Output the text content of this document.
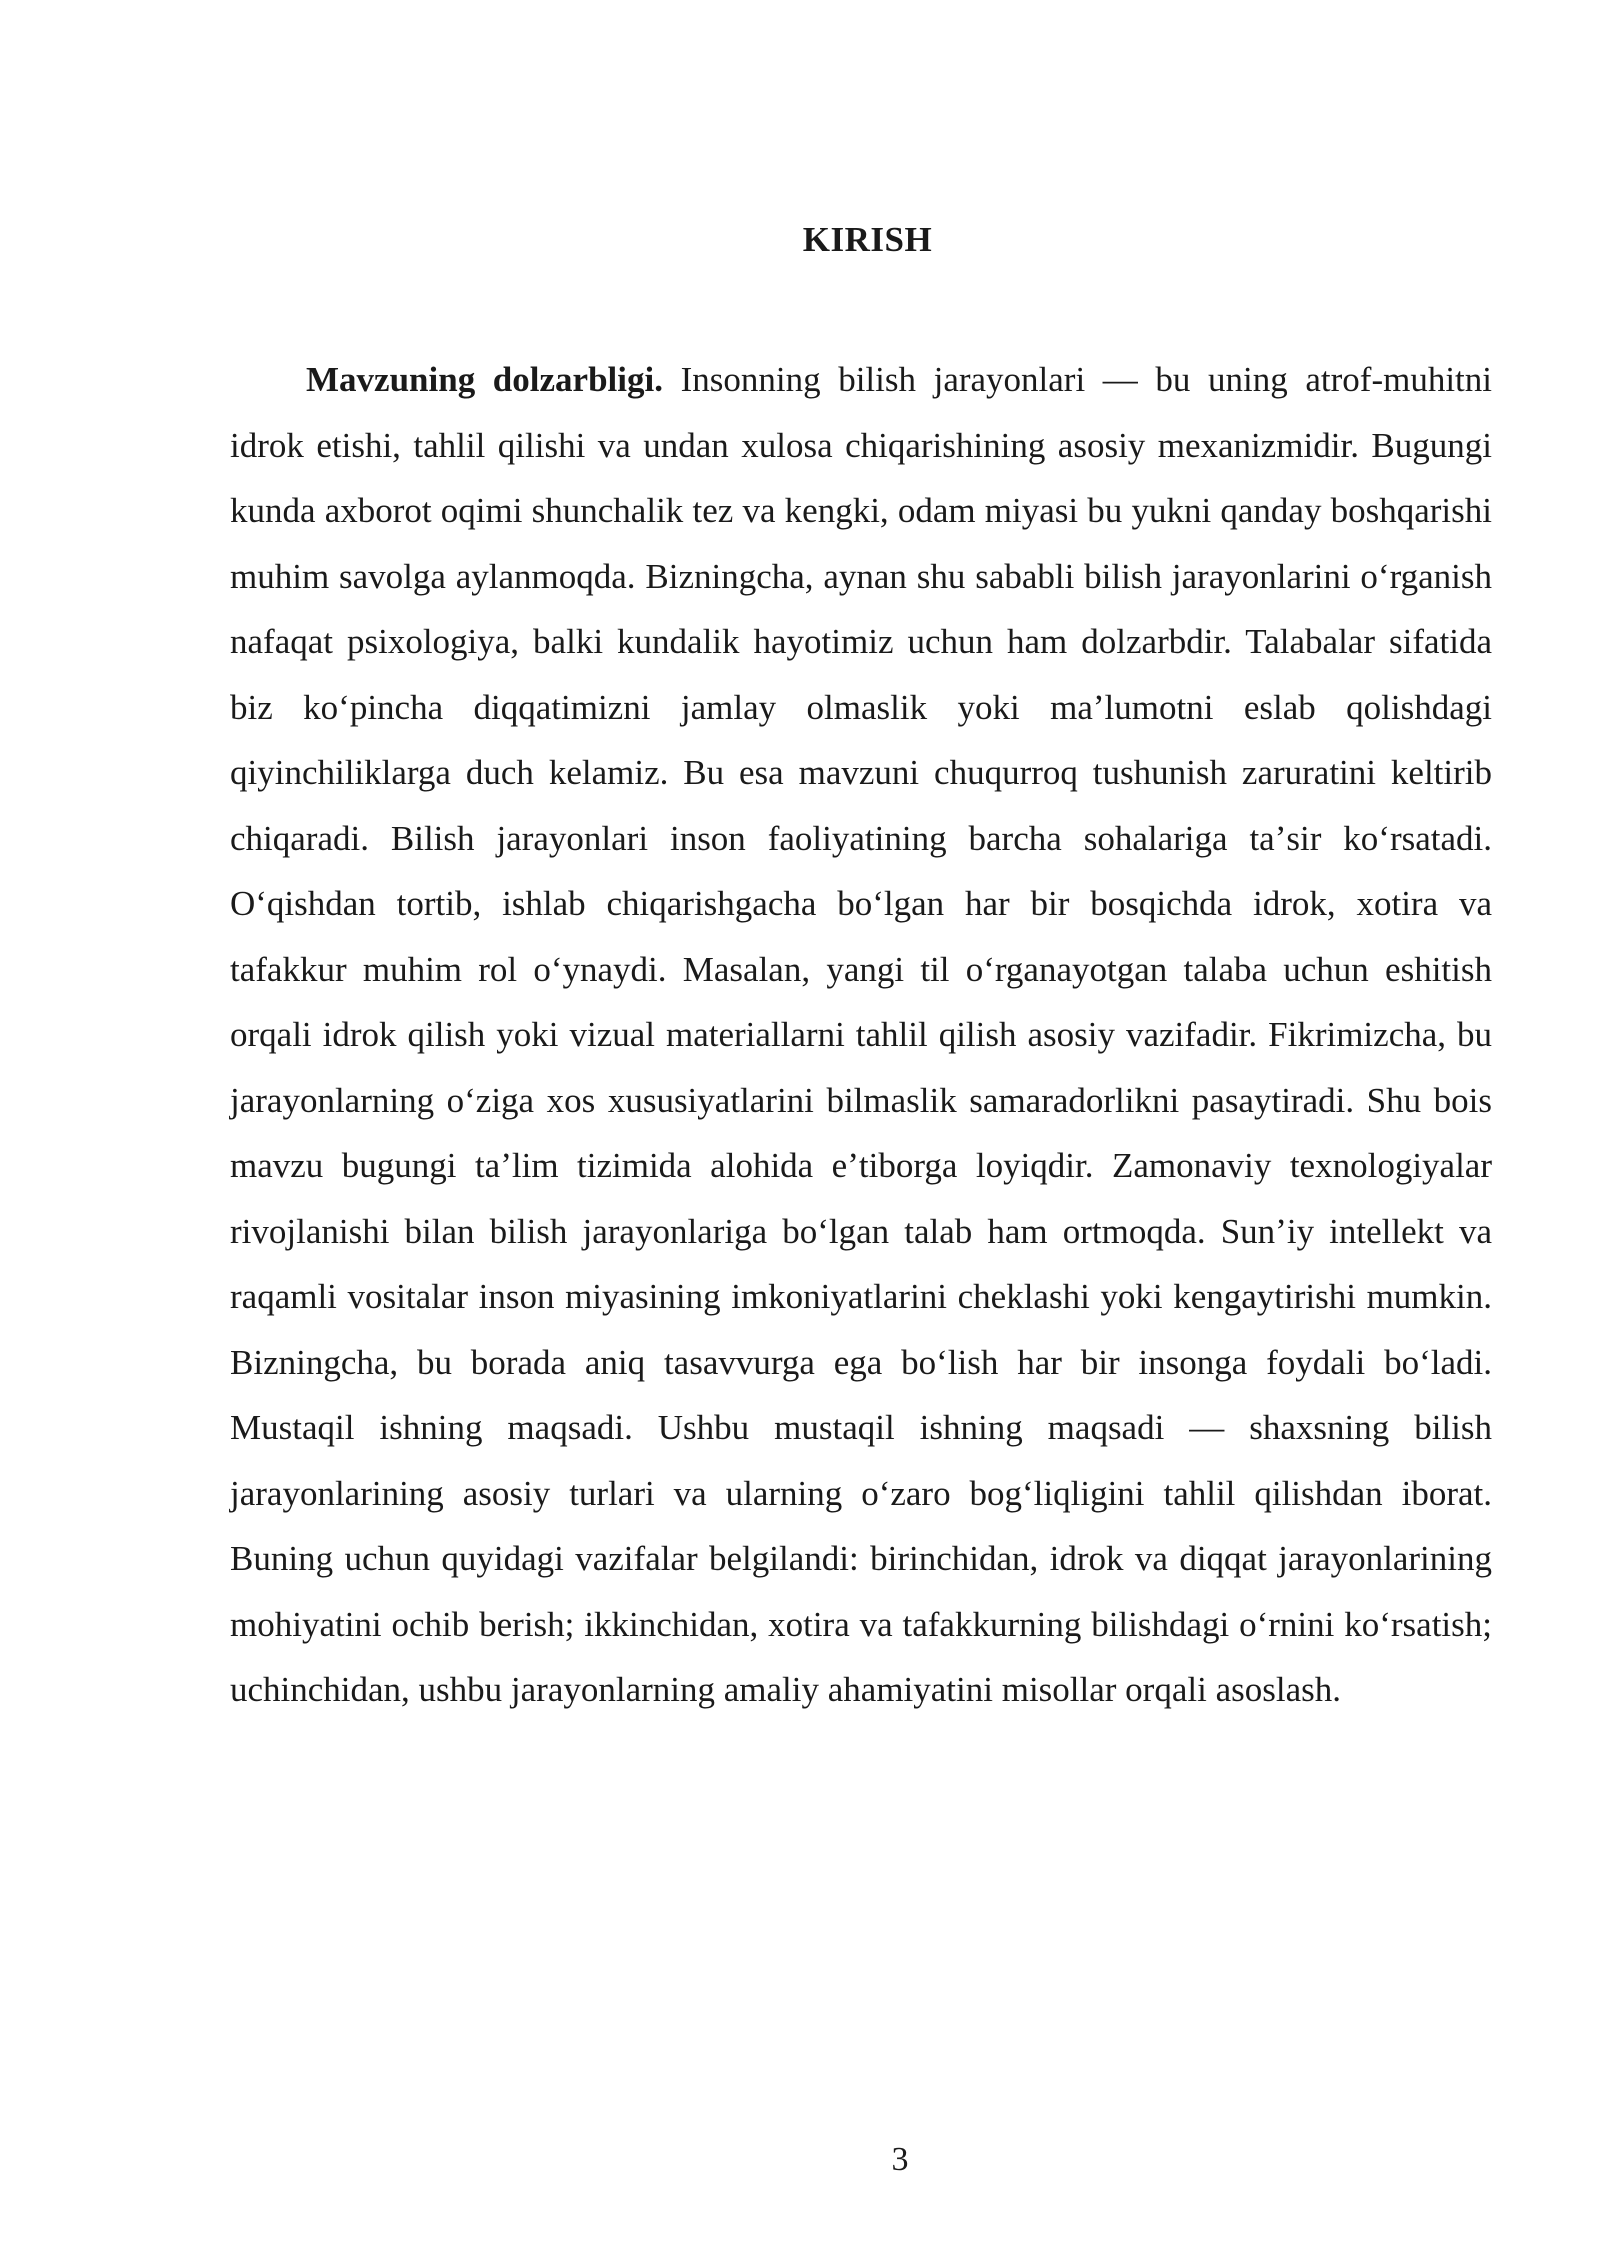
KIRISH

Mavzuning dolzarbligi. Insonning bilish jarayonlari — bu uning atrof-muhitni idrok etishi, tahlil qilishi va undan xulosa chiqarishining asosiy mexanizmidir. Bugungi kunda axborot oqimi shunchalik tez va kengki, odam miyasi bu yukni qanday boshqarishi muhim savolga aylanmoqda. Bizningcha, aynan shu sababli bilish jarayonlarini oʻrganish nafaqat psixologiya, balki kundalik hayotimiz uchun ham dolzarbdir. Talabalar sifatida biz koʻpincha diqqatimizni jamlay olmaslik yoki maʼlumotni eslab qolishdagi qiyinchiliklarga duch kelamiz. Bu esa mavzuni chuqurroq tushunish zaruratini keltirib chiqaradi. Bilish jarayonlari inson faoliyatining barcha sohalariga taʼsir koʻrsatadi. Oʻqishdan tortib, ishlab chiqarishgacha boʻlgan har bir bosqichda idrok, xotira va tafakkur muhim rol oʻynaydi. Masalan, yangi til oʻrganayotgan talaba uchun eshitish orqali idrok qilish yoki vizual materiallarni tahlil qilish asosiy vazifadir. Fikrimizcha, bu jarayonlarning oʻziga xos xususiyatlarini bilmaslik samaradorlikni pasaytiradi. Shu bois mavzu bugungi taʼlim tizimida alohida eʼtiborga loyiqdir. Zamonaviy texnologiyalar rivojlanishi bilan bilish jarayonlariga boʻlgan talab ham ortmoqda. Sunʼiy intellekt va raqamli vositalar inson miyasining imkoniyatlarini cheklashi yoki kengaytirishi mumkin. Bizningcha, bu borada aniq tasavvurga ega boʻlish har bir insonga foydali boʻladi. Mustaqil ishning maqsadi. Ushbu mustaqil ishning maqsadi — shaxsning bilish jarayonlarining asosiy turlari va ularning oʻzaro bogʻliqligini tahlil qilishdan iborat. Buning uchun quyidagi vazifalar belgilandi: birinchidan, idrok va diqqat jarayonlarining mohiyatini ochib berish; ikkinchidan, xotira va tafakkurning bilishdagi oʻrnini koʻrsatish; uchinchidan, ushbu jarayonlarning amaliy ahamiyatini misollar orqali asoslash.

3
